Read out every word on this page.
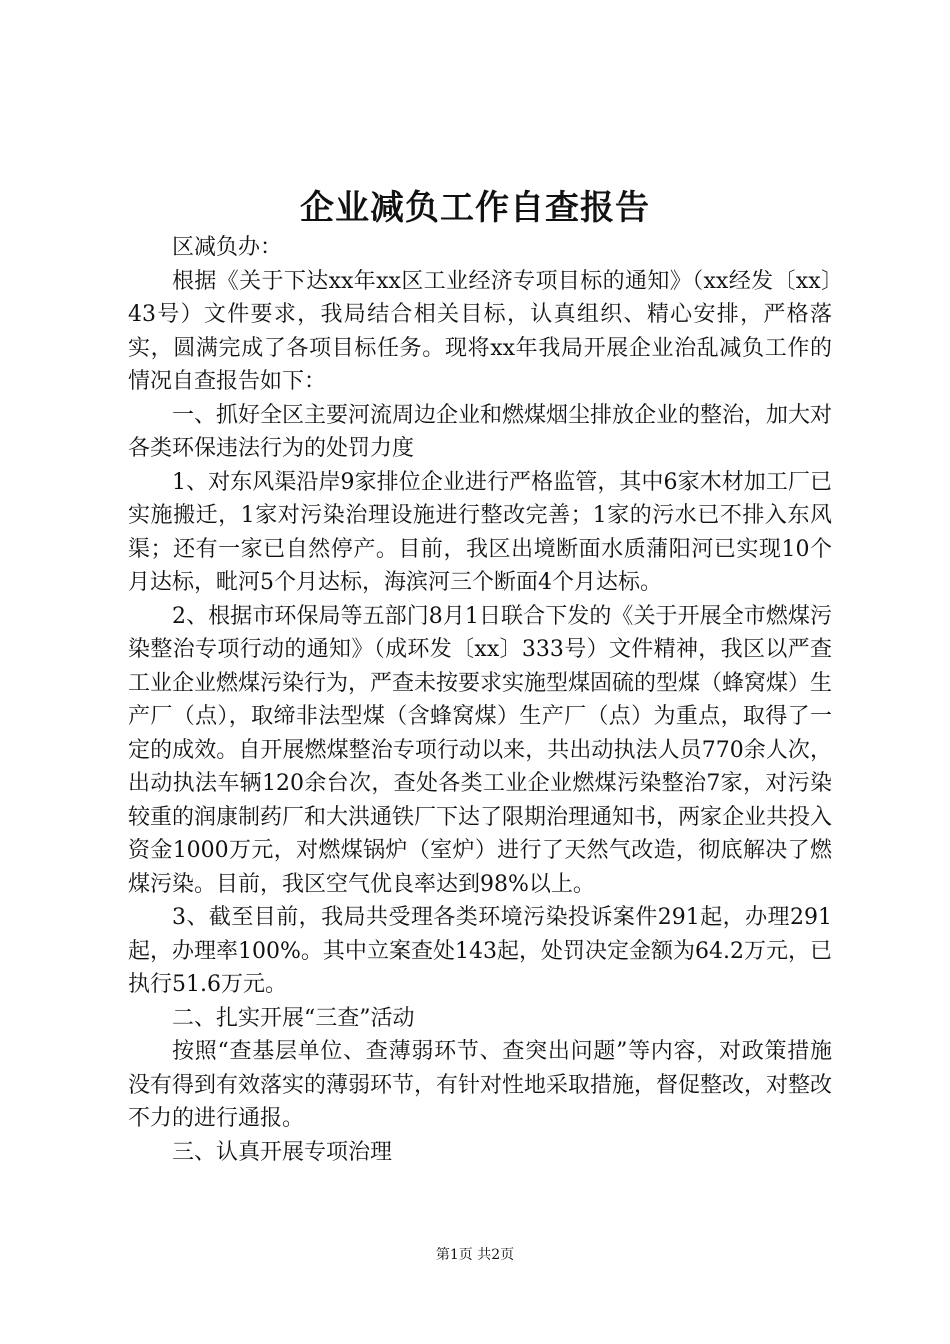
企业减负工作自查报告

区减负办：

根据《关于下达xx年xx区工业经济专项目标的通知》（xx经发〔xx〕43号）文件要求，我局结合相关目标，认真组织、精心安排，严格落实，圆满完成了各项目标任务。现将xx年我局开展企业治乱减负工作的情况自查报告如下：

一、抓好全区主要河流周边企业和燃煤烟尘排放企业的整治，加大对各类环保违法行为的处罚力度

1、对东风渠沿岸9家排位企业进行严格监管，其中6家木材加工厂已实施搬迁，1家对污染治理设施进行整改完善；1家的污水已不排入东风渠；还有一家已自然停产。目前，我区出境断面水质蒲阳河已实现10个月达标，毗河5个月达标，海滨河三个断面4个月达标。

2、根据市环保局等五部门8月1日联合下发的《关于开展全市燃煤污染整治专项行动的通知》（成环发〔xx〕333号）文件精神，我区以严查工业企业燃煤污染行为，严查未按要求实施型煤固硫的型煤（蜂窝煤）生产厂（点），取缔非法型煤（含蜂窝煤）生产厂（点）为重点，取得了一定的成效。自开展燃煤整治专项行动以来，共出动执法人员770余人次，出动执法车辆120余台次，查处各类工业企业燃煤污染整治7家，对污染较重的润康制药厂和大洪通铁厂下达了限期治理通知书，两家企业共投入资金1000万元，对燃煤锅炉（室炉）进行了天然气改造，彻底解决了燃煤污染。目前，我区空气优良率达到98%以上。

3、截至目前，我局共受理各类环境污染投诉案件291起，办理291起，办理率100%。其中立案查处143起，处罚决定金额为64.2万元，已执行51.6万元。

二、扎实开展“三查”活动

按照“查基层单位、查薄弱环节、查突出问题”等内容，对政策措施没有得到有效落实的薄弱环节，有针对性地采取措施，督促整改，对整改不力的进行通报。

三、认真开展专项治理

第1页 共2页
